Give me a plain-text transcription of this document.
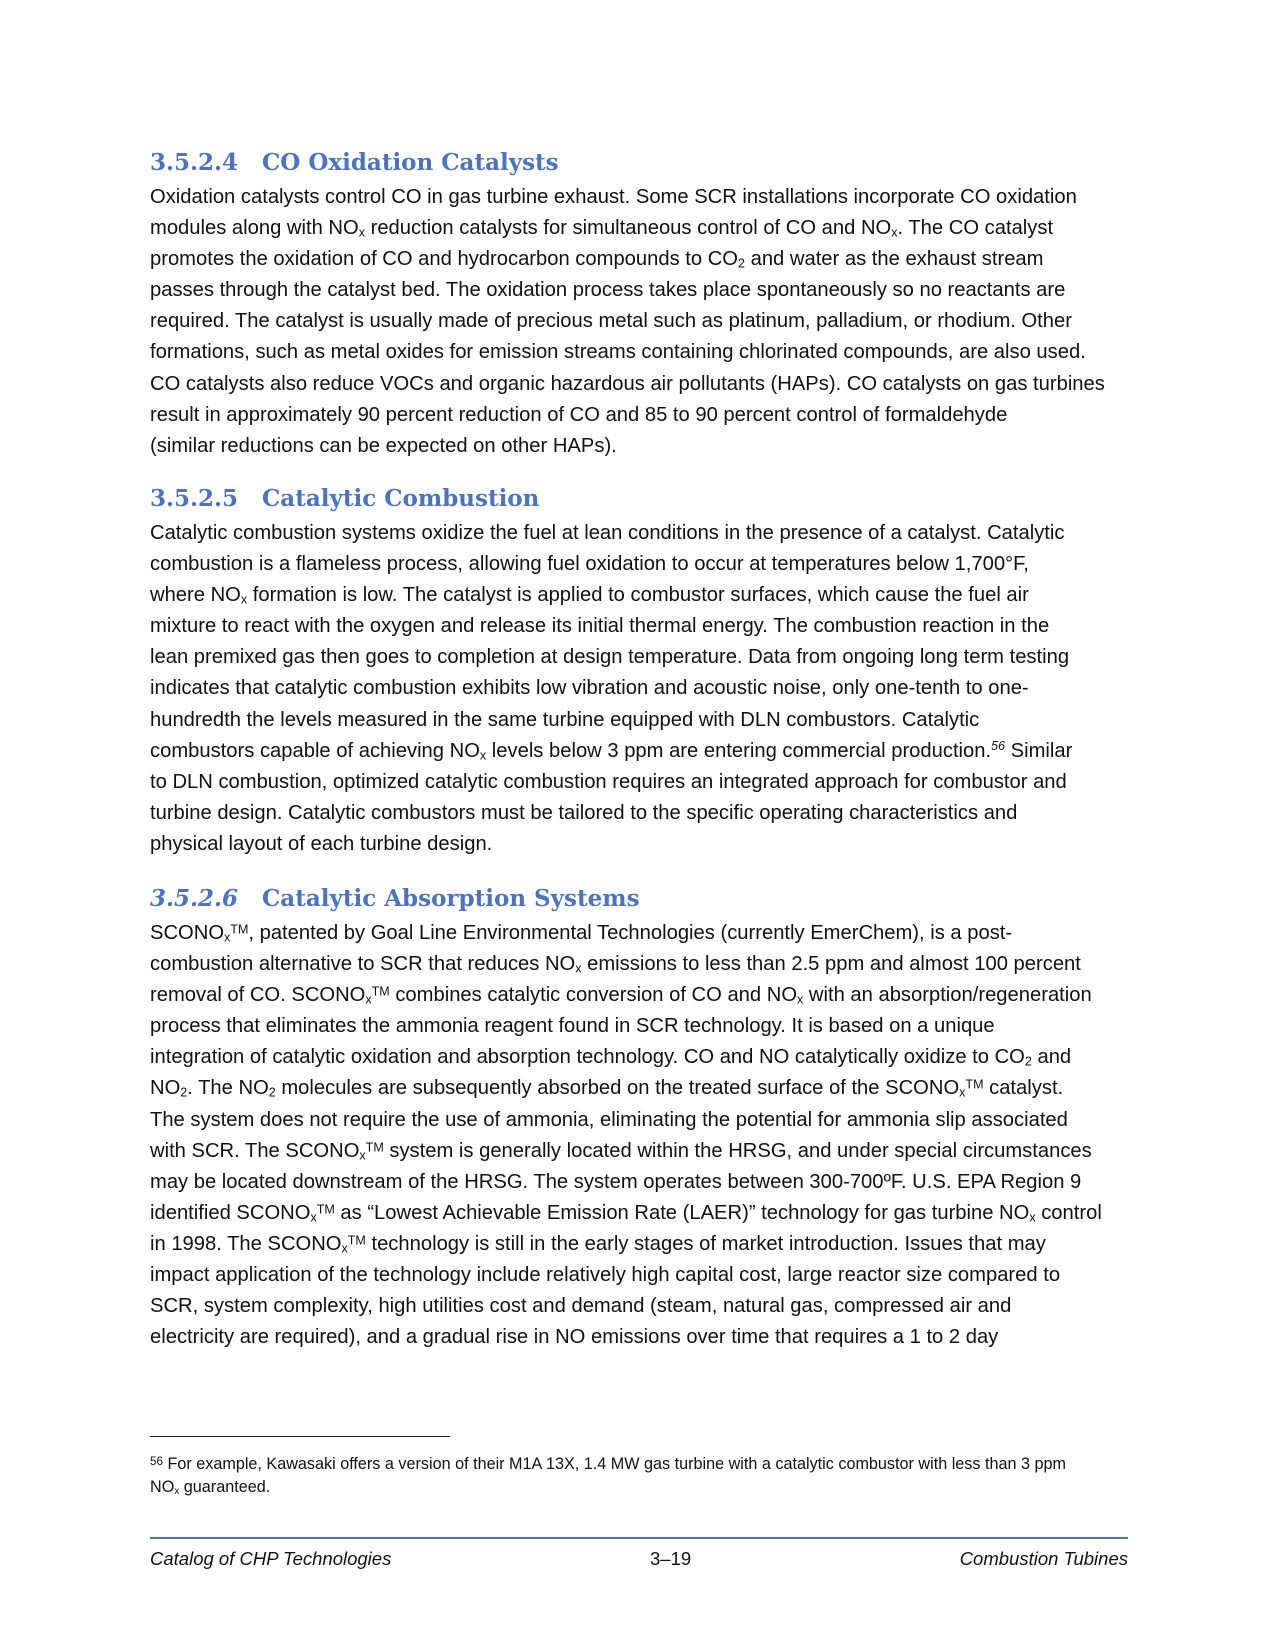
3.5.2.4 CO Oxidation Catalysts

Oxidation catalysts control CO in gas turbine exhaust. Some SCR installations incorporate CO oxidation
modules along with $NO_x$ reduction catalysts for simultaneous control of CO and $NO_x$. The CO catalyst
promotes the oxidation of CO and hydrocarbon compounds to $CO_2$ and water as the exhaust stream
passes through the catalyst bed. The oxidation process takes place spontaneously so no reactants are
required. The catalyst is usually made of precious metal such as platinum, palladium, or rhodium. Other
formations, such as metal oxides for emission streams containing chlorinated compounds, are also used.
CO catalysts also reduce VOCs and organic hazardous air pollutants (HAPs). CO catalysts on gas turbines
result in approximately 90 percent reduction of CO and 85 to 90 percent control of formaldehyde
(similar reductions can be expected on other HAPs).

3.5.2.5 Catalytic Combustion

Catalytic combustion systems oxidize the fuel at lean conditions in the presence of a catalyst. Catalytic
combustion is a flameless process, allowing fuel oxidation to occur at temperatures below 1,700°F,
where $NO_x$ formation is low. The catalyst is applied to combustor surfaces, which cause the fuel air
mixture to react with the oxygen and release its initial thermal energy. The combustion reaction in the
lean premixed gas then goes to completion at design temperature. Data from ongoing long term testing
indicates that catalytic combustion exhibits low vibration and acoustic noise, only one-tenth to one-
hundredth the levels measured in the same turbine equipped with DLN combustors. Catalytic
combustors capable of achieving $NO_x$ levels below 3 ppm are entering commercial production.$^{56}$ Similar
to DLN combustion, optimized catalytic combustion requires an integrated approach for combustor and
turbine design. Catalytic combustors must be tailored to the specific operating characteristics and
physical layout of each turbine design.

3.5.2.6 Catalytic Absorption Systems

$SCONO_x™$, patented by Goal Line Environmental Technologies (currently EmerChem), is a post-
combustion alternative to SCR that reduces $NO_x$ emissions to less than 2.5 ppm and almost 100 percent
removal of CO. $SCONO_x™$ combines catalytic conversion of CO and $NO_x$ with an absorption/regeneration
process that eliminates the ammonia reagent found in SCR technology. It is based on a unique
integration of catalytic oxidation and absorption technology. CO and NO catalytically oxidize to $CO_2$ and
$NO_2$. The $NO_2$ molecules are subsequently absorbed on the treated surface of the $SCONO_x™$ catalyst.
The system does not require the use of ammonia, eliminating the potential for ammonia slip associated
with SCR. The $SCONO_x™$ system is generally located within the HRSG, and under special circumstances
may be located downstream of the HRSG. The system operates between 300-700ºF. U.S. EPA Region 9
identified $SCONO_x™$ as “Lowest Achievable Emission Rate (LAER)” technology for gas turbine $NO_x$ control
in 1998. The $SCONO_x™$ technology is still in the early stages of market introduction. Issues that may
impact application of the technology include relatively high capital cost, large reactor size compared to
SCR, system complexity, high utilities cost and demand (steam, natural gas, compressed air and
electricity are required), and a gradual rise in NO emissions over time that requires a 1 to 2 day

$^{56}$ For example, Kawasaki offers a version of their M1A 13X, 1.4 MW gas turbine with a catalytic combustor with less than 3 ppm
$NO_x$ guaranteed.
Catalog of CHP Technologies	3–19	Combustion Tubines
